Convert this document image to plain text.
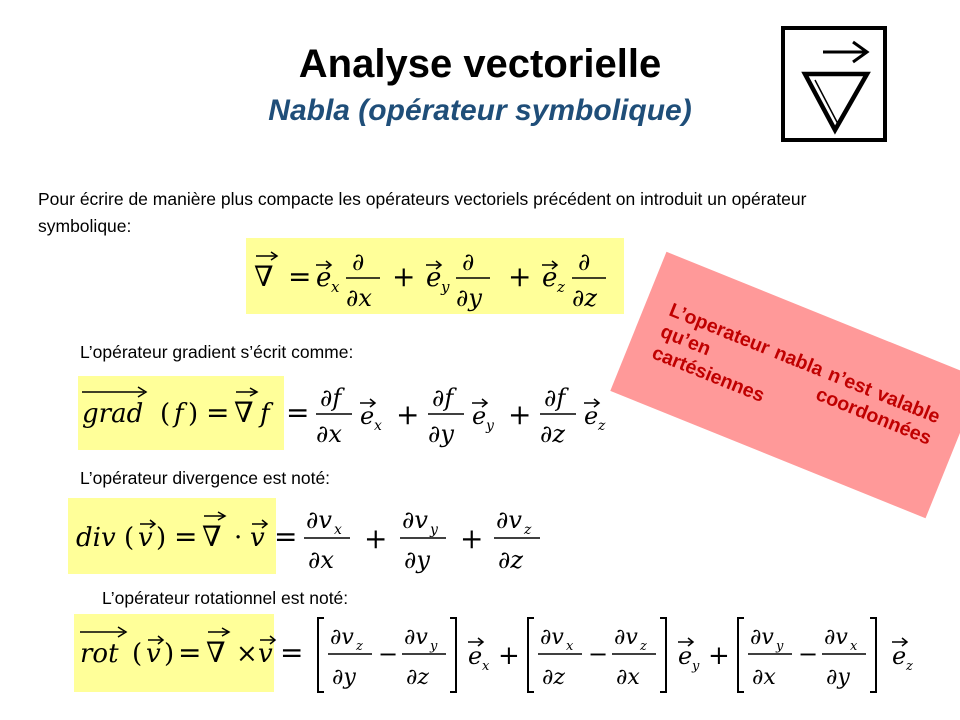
Analyse vectorielle
Nabla (opérateur symbolique)
Pour écrire de manière plus compacte les opérateurs vectoriels précédent on introduit un opérateur symbolique:
∇ = e x
∂
∂x
+ e y
∂
∂y
+ e z
∂
∂z
L’opérateur gradient s’écrit comme:
grad ( f ) = ∇ f = ∂f
∂x
e x + ∂f
∂y
e y + ∂f
∂z
e z
L’opérateur divergence est noté:
div ( v ) = ∇ · v = ∂v x
∂x
+
∂v y
∂y
+
∂v z
∂z
L’opérateur rotationnel est noté:
rot ( v ) = ∇ × v = ∂v z
∂y
−
∂v y
∂z
e x +
∂v x
∂z
−
∂v z
∂x
e y +
∂v y
∂x
−
∂v x
∂y
e z
L’operateur nabla n’est valable qu’en coordonnées cartésiennes
